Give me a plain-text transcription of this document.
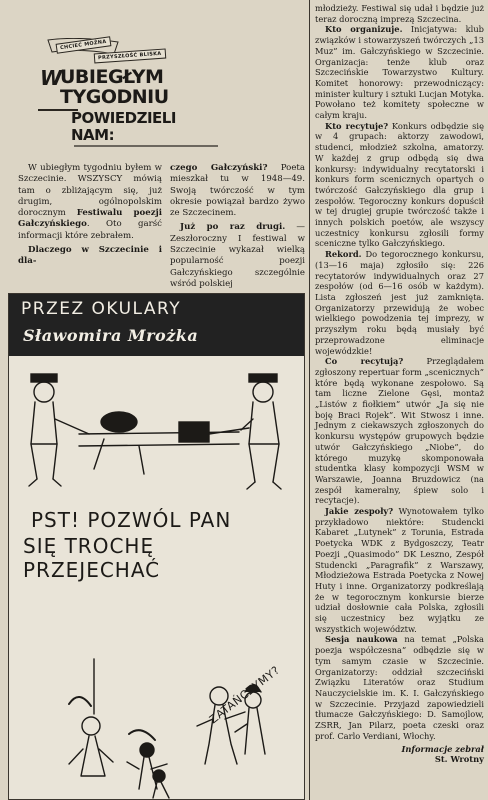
CHCIEĆ MOŻNA
PRZYSZŁOŚĆ BLISKA
W
UBIEGŁYM
TYGODNIU
POWIEDZIELI
NAM:

W ubiegłym tygodniu byłem w Szczecinie. WSZYSCY mówią tam o zbliżającym się, już drugim, ogólnopolskim dorocznym Festiwalu poezji Gałczyńskiego. Oto garść informacji które zebrałem.

Dlaczego w Szczecinie i dla-

czego Gałczyński? Poeta mieszkał tu w 1948—49. Swoją twórczość w tym okresie powiązał bardzo żywo ze Szczecinem.

Już po raz drugi. — Zeszłoroczny I festiwal w Szczecinie wykazał wielką popularność poezji Gałczyńskiego szczególnie wśród polskiej

PRZEZ OKULARY
Sławomira Mrożka
PST! POZWÓL PAN
SIĘ TROCHĘ PRZEJECHAĆ
ZATAŃCZYMY?

młodzieży. Festiwal się udał i będzie już teraz doroczną imprezą Szczecina.

Kto organizuje. Inicjatywa: klub związków i stowarzyszeń twórczych „13 Muz” im. Gałczyńskiego w Szczecinie. Organizacja: tenże klub oraz Szczecińskie Towarzystwo Kultury. Komitet honorowy: przewodniczący: minister kultury i sztuki Lucjan Motyka. Powołano też komitety społeczne w całym kraju.

Kto recytuje? Konkurs odbędzie się w 4 grupach: aktorzy zawodowi, studenci, młodzież szkolna, amatorzy. W każdej z grup odbędą się dwa konkursy: indywidualny recytatorski i konkurs form scenicznych opartych o twórczość Gałczyńskiego dla grup i zespołów. Tegoroczny konkurs dopuścił w tej drugiej grupie twórczość także i innych polskich poetów, ale wszyscy uczestnicy konkursu zgłosili formy sceniczne tylko Gałczyńskiego.

Rekord. Do tegorocznego konkursu, (13—16 maja) zgłosiło się: 226 recytatorów indywidualnych oraz 27 zespołów (od 6—16 osób w każdym). Lista zgłoszeń jest już zamknięta. Organizatorzy przewidują że wobec wielkiego powodzenia tej imprezy, w przyszłym roku będą musiały być przeprowadzone eliminacje wojewódzkie!

Co recytują? Przeglądałem zgłoszony repertuar form „scenicznych” które będą wykonane zespołowo. Są tam liczne Zielone Gęsi, montaż „Listów z fiołkiem” utwór „Ja się nie boję Braci Rojek”. Wit Stwosz i inne. Jednym z ciekawszych zgłoszonych do konkursu występów grupowych będzie utwór Gałczyńskiego „Niobe”, do którego muzykę skomponowała studentka klasy kompozycji WSM w Warszawie, Joanna Bruzdowicz (na zespół kameralny, śpiew solo i recytacje).

Jakie zespoły? Wynotowałem tylko przykładowo niektóre: Studencki Kabaret „Lutynek” z Torunia, Estrada Poetycka WDK z Bydgoszczy, Teatr Poezji „Quasimodo” DK Leszno, Zespół Studencki „Paragrafik” z Warszawy, Młodzieżowa Estrada Poetycka z Nowej Huty i inne. Organizatorzy podkreślają że w tegorocznym konkursie bierze udział dosłownie cała Polska, zgłosili się uczestnicy bez wyjątku ze wszystkich województw.

Sesja naukowa na temat „Polska poezja współczesna” odbędzie się w tym samym czasie w Szczecinie. Organizatorzy: oddział szczeciński Związku Literatów oraz Studium Nauczycielskie im. K. I. Gałczyńskiego w Szczecinie. Przyjazd zapowiedzieli tłumacze Gałczyńskiego: D. Samojlow, ZSRR, Jan Pilarz, poeta czeski oraz prof. Carlo Verdiani, Włochy.

Informacje zebrał

St. Wrotny
